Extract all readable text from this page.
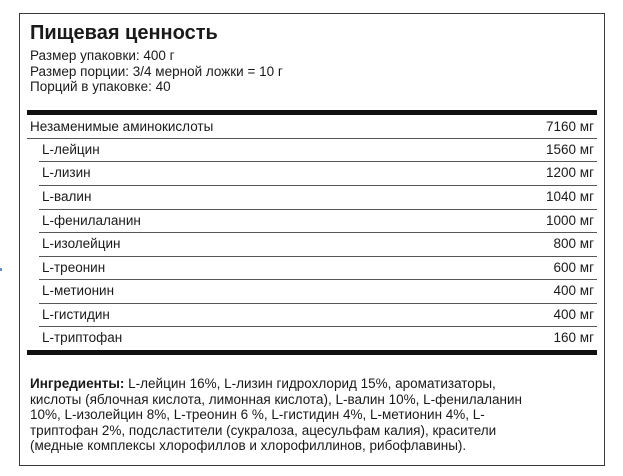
Пищевая ценность
Размер упаковки: 400 г
Размер порции: 3/4 мерной ложки = 10 г
Порций в упаковке: 40
Незаменимые аминокислоты	7160 мг
L-лейцин	1560 мг
L-лизин	1200 мг
L-валин	1040 мг
L-фенилаланин	1000 мг
L-изолейцин	800 мг
L-треонин	600 мг
L-метионин	400 мг
L-гистидин	400 мг
L-триптофан	160 мг
Ингредиенты: L-лейцин 16%, L-лизин гидрохлорид 15%, ароматизаторы,
кислоты (яблочная кислота, лимонная кислота), L-валин 10%, L-фенилаланин
10%, L-изолейцин 8%, L-треонин 6 %, L-гистидин 4%, L-метионин 4%, L-
триптофан 2%, подсластители (сукралоза, ацесульфам калия), красители
(медные комплексы хлорофиллов и хлорофиллинов, рибофлавины).
